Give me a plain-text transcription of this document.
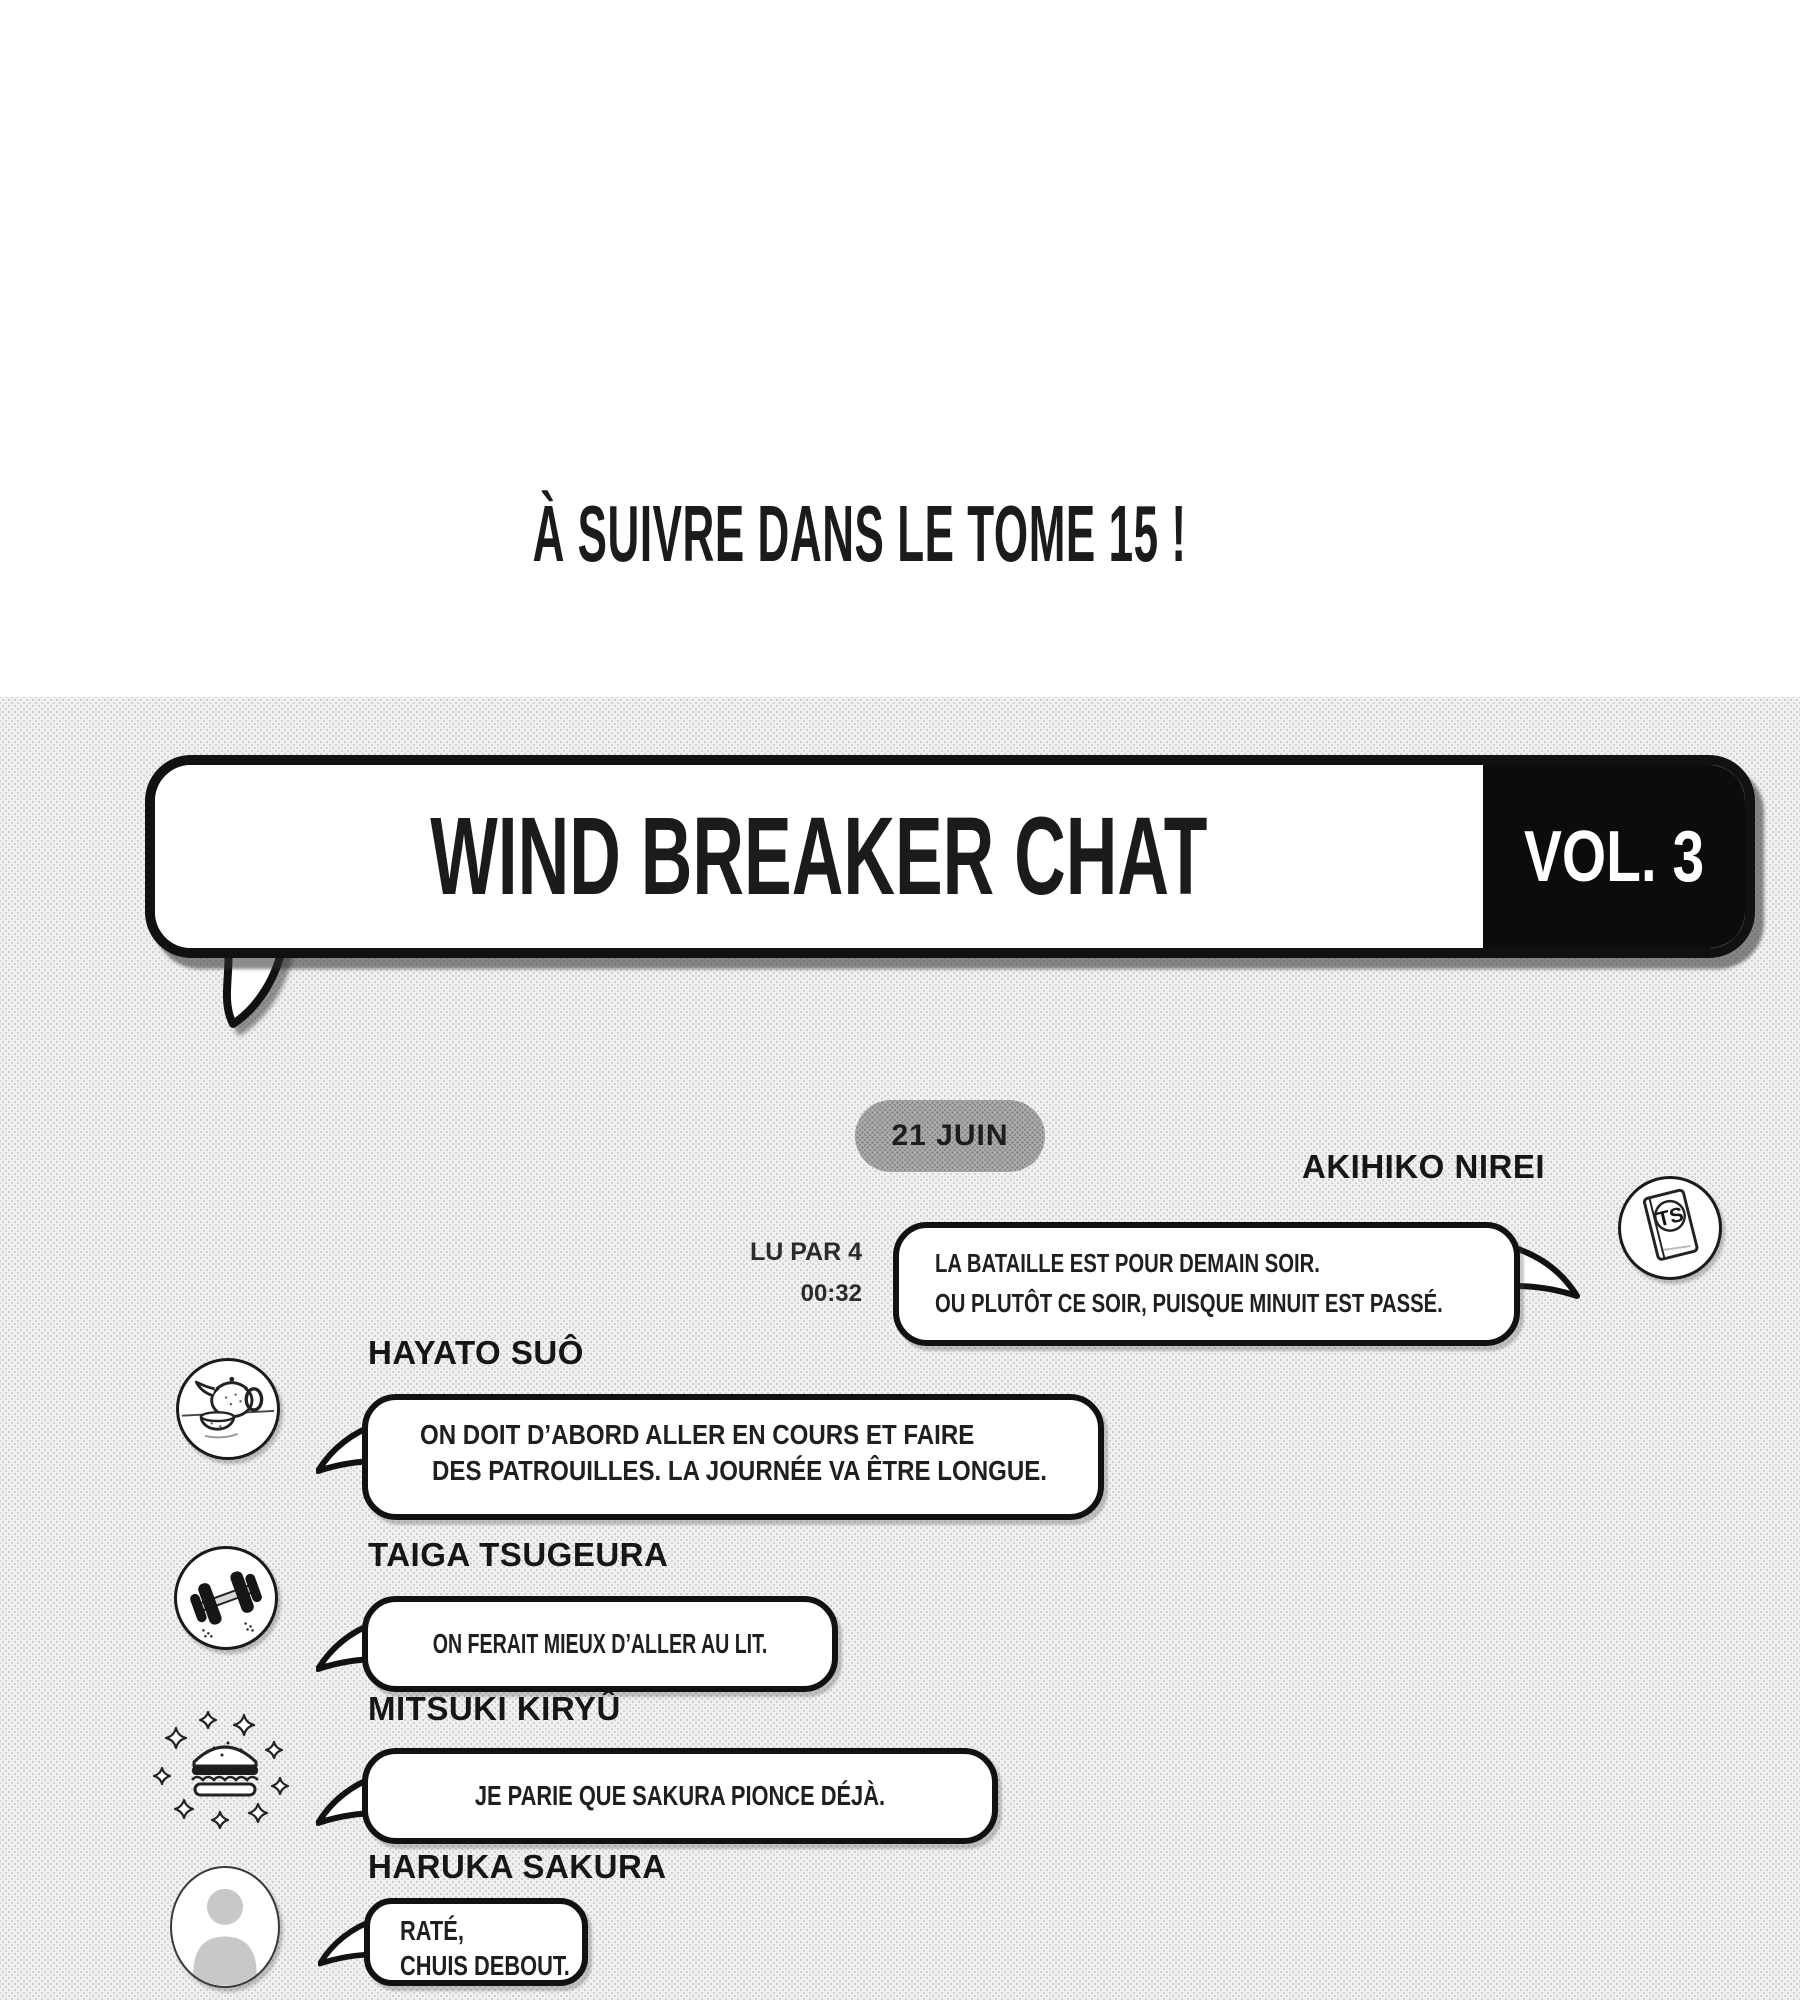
À SUIVRE DANS LE TOME 15 !
WIND BREAKER CHAT	VOL. 3
21 JUIN
AKIHIKO NIREI
TS
LA BATAILLE EST POUR DEMAIN SOIR.
OU PLUTÔT CE SOIR, PUISQUE MINUIT EST PASSÉ.
LU PAR 4
00:32
HAYATO SUÔ
ON DOIT D’ABORD ALLER EN COURS ET FAIRE
DES PATROUILLES. LA JOURNÉE VA ÊTRE LONGUE.
TAIGA TSUGEURA
ON FERAIT MIEUX D’ALLER AU LIT.
MITSUKI KIRYÛ
JE PARIE QUE SAKURA PIONCE DÉJÀ.
HARUKA SAKURA
RATÉ,
CHUIS DEBOUT.
